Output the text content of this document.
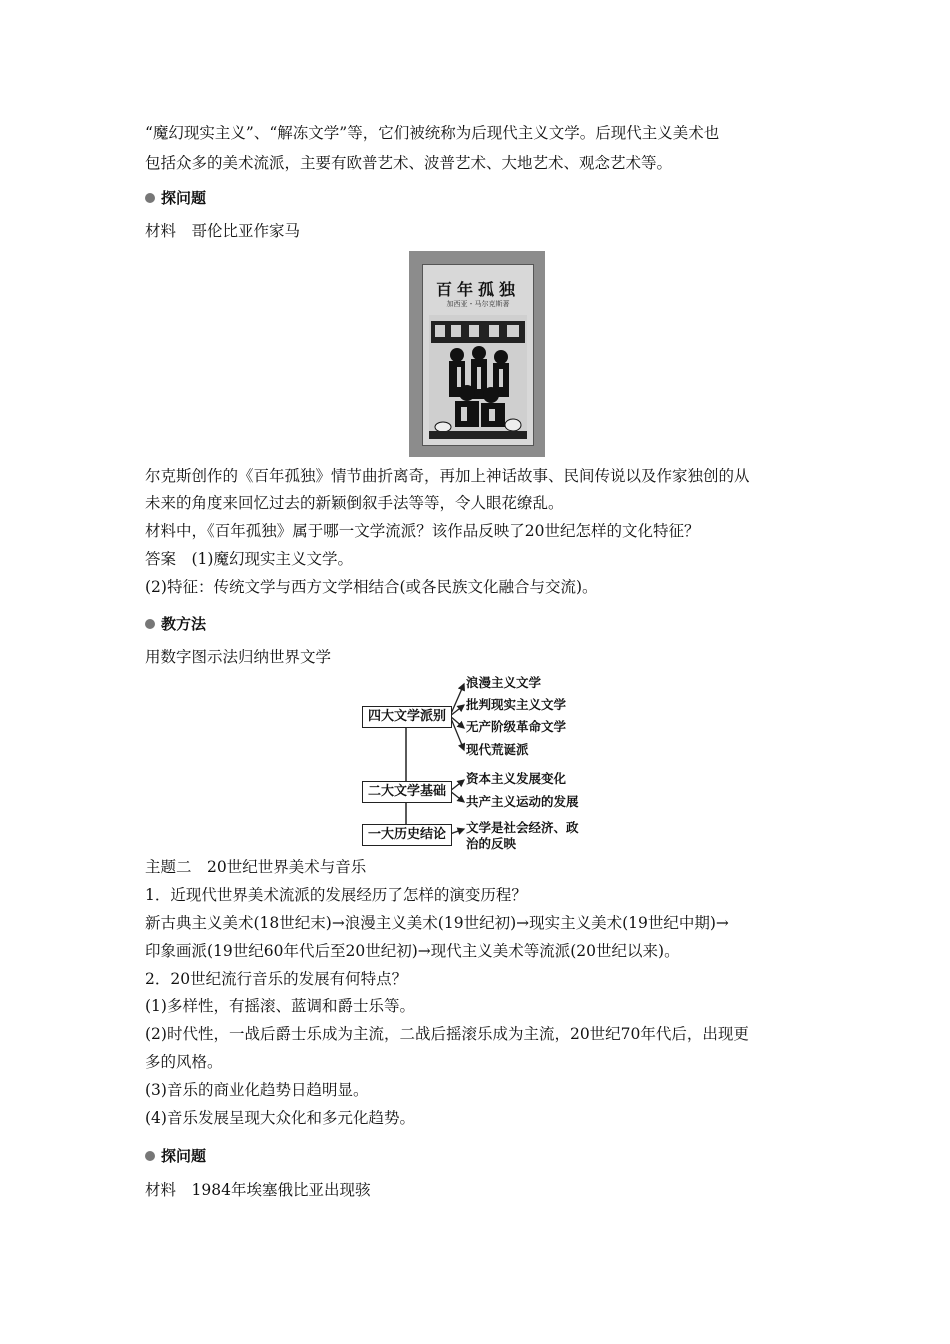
“魔幻现实主义”、“解冻文学”等，它们被统称为后现代主义文学。后现代主义美术也
包括众多的美术流派，主要有欧普艺术、波普艺术、大地艺术、观念艺术等。
探问题
材料　哥伦比亚作家马
百年孤独
加西亚・马尔克斯著
尔克斯创作的《百年孤独》情节曲折离奇，再加上神话故事、民间传说以及作家独创的从
未来的角度来回忆过去的新颖倒叙手法等等，令人眼花缭乱。
材料中，《百年孤独》属于哪一文学流派？该作品反映了20世纪怎样的文化特征？
答案　(1)魔幻现实主义文学。
(2)特征：传统文学与西方文学相结合(或各民族文化融合与交流)。
教方法
用数字图示法归纳世界文学
四大文学派别
浪漫主义文学
批判现实主义文学
无产阶级革命文学
现代荒诞派
二大文学基础
资本主义发展变化
共产主义运动的发展
一大历史结论	文学是社会经济、政
治的反映
主题二　20世纪世界美术与音乐
1．近现代世界美术流派的发展经历了怎样的演变历程？
新古典主义美术(18世纪末)→浪漫主义美术(19世纪初)→现实主义美术(19世纪中期)→
印象画派(19世纪60年代后至20世纪初)→现代主义美术等流派(20世纪以来)。
2．20世纪流行音乐的发展有何特点？
(1)多样性，有摇滚、蓝调和爵士乐等。
(2)时代性，一战后爵士乐成为主流，二战后摇滚乐成为主流，20世纪70年代后，出现更
多的风格。
(3)音乐的商业化趋势日趋明显。
(4)音乐发展呈现大众化和多元化趋势。
探问题
材料　1984年埃塞俄比亚出现骇
